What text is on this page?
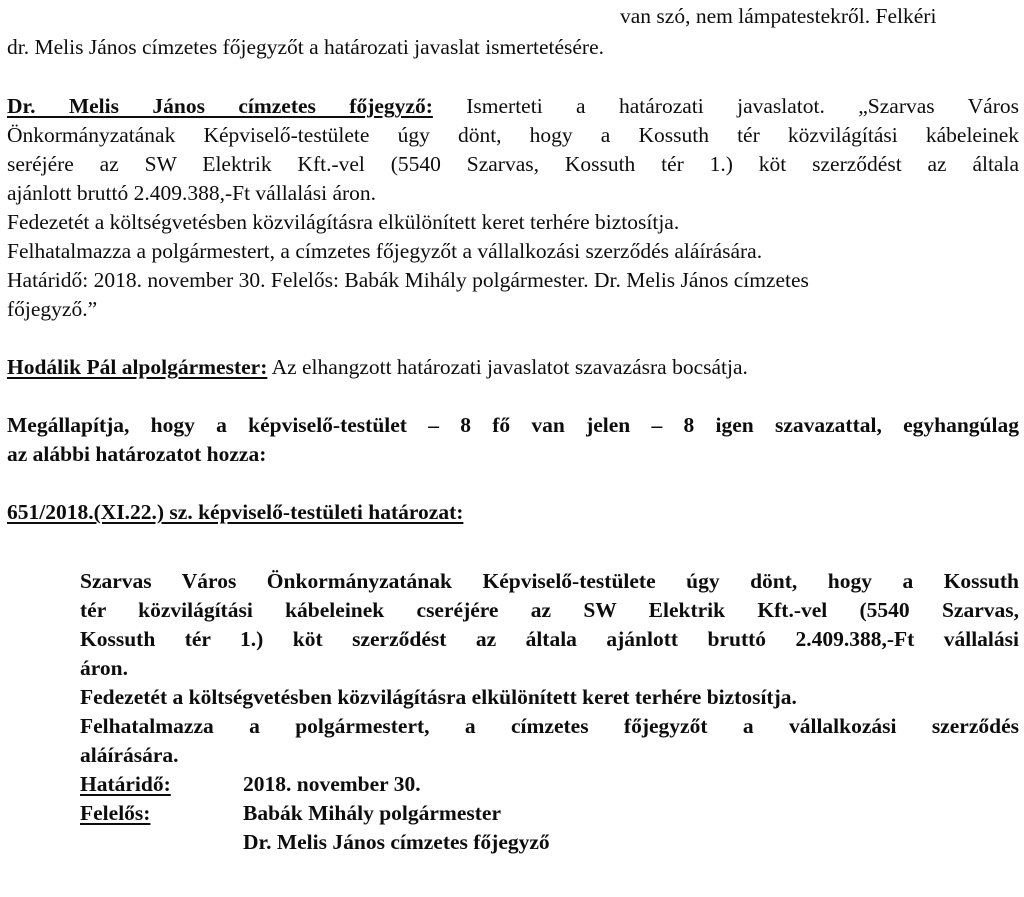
van szó, nem lámpatestekről. Felkéri
dr. Melis János címzetes főjegyzőt a határozati javaslat ismertetésére.
Dr. Melis János címzetes főjegyző: Ismerteti a határozati javaslatot. „Szarvas Város
Önkormányzatának Képviselő-testülete úgy dönt, hogy a Kossuth tér közvilágítási kábeleinek
seréjére az SW Elektrik Kft.-vel (5540 Szarvas, Kossuth tér 1.) köt szerződést az általa
ajánlott bruttó 2.409.388,-Ft vállalási áron.
Fedezetét a költségvetésben közvilágításra elkülönített keret terhére biztosítja.
Felhatalmazza a polgármestert, a címzetes főjegyzőt a vállalkozási szerződés aláírására.
Határidő: 2018. november 30. Felelős: Babák Mihály polgármester. Dr. Melis János címzetes
főjegyző.”
Hodálik Pál alpolgármester: Az elhangzott határozati javaslatot szavazásra bocsátja.
Megállapítja, hogy a képviselő-testület – 8 fő van jelen – 8 igen szavazattal, egyhangúlag
az alábbi határozatot hozza:
651/2018.(XI.22.) sz. képviselő-testületi határozat:
Szarvas Város Önkormányzatának Képviselő-testülete úgy dönt, hogy a Kossuth
tér közvilágítási kábeleinek cseréjére az SW Elektrik Kft.-vel (5540 Szarvas,
Kossuth tér 1.) köt szerződést az általa ajánlott bruttó 2.409.388,-Ft vállalási
áron.
Fedezetét a költségvetésben közvilágításra elkülönített keret terhére biztosítja.
Felhatalmazza a polgármestert, a címzetes főjegyzőt a vállalkozási szerződés
aláírására.
Határidő:	2018. november 30.
Felelős:	Babák Mihály polgármester
Dr. Melis János címzetes főjegyző
